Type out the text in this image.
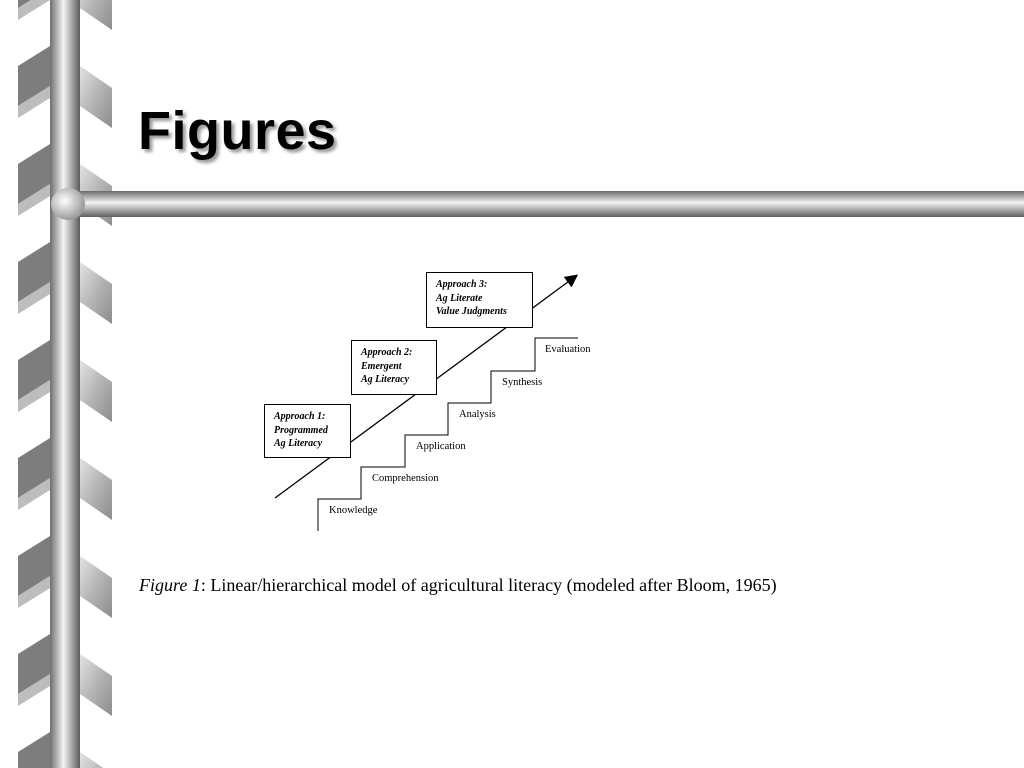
Figures
Approach 3:
Ag Literate
Value Judgments
Approach 2:
Emergent
Ag Literacy
Approach 1:
Programmed
Ag Literacy
Knowledge
Comprehension
Application
Analysis
Synthesis
Evaluation
Figure 1: Linear/hierarchical model of agricultural literacy (modeled after Bloom, 1965)
